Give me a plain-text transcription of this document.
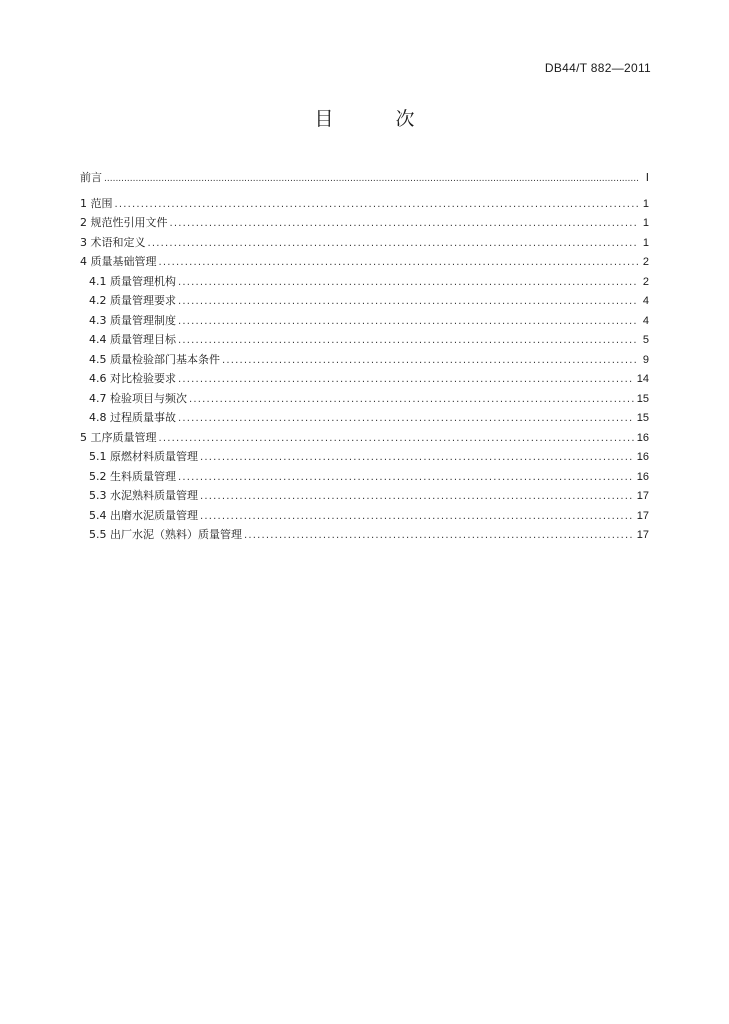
DB44/T 882—2011
目 次
前言 .....	Ⅰ
1 范围 .....	1
2 规范性引用文件 .....	1
3 术语和定义 .....	1
4 质量基础管理 .....	2
4.1 质量管理机构 .....	2
4.2 质量管理要求 .....	4
4.3 质量管理制度 .....	4
4.4 质量管理目标 .....	5
4.5 质量检验部门基本条件 .....	9
4.6 对比检验要求 .....	14
4.7 检验项目与频次 .....	15
4.8 过程质量事故 .....	15
5 工序质量管理 .....	16
5.1 原燃材料质量管理 .....	16
5.2 生料质量管理 .....	16
5.3 水泥熟料质量管理 .....	17
5.4 出磨水泥质量管理 .....	17
5.5 出厂水泥（熟料）质量管理 .....	17
